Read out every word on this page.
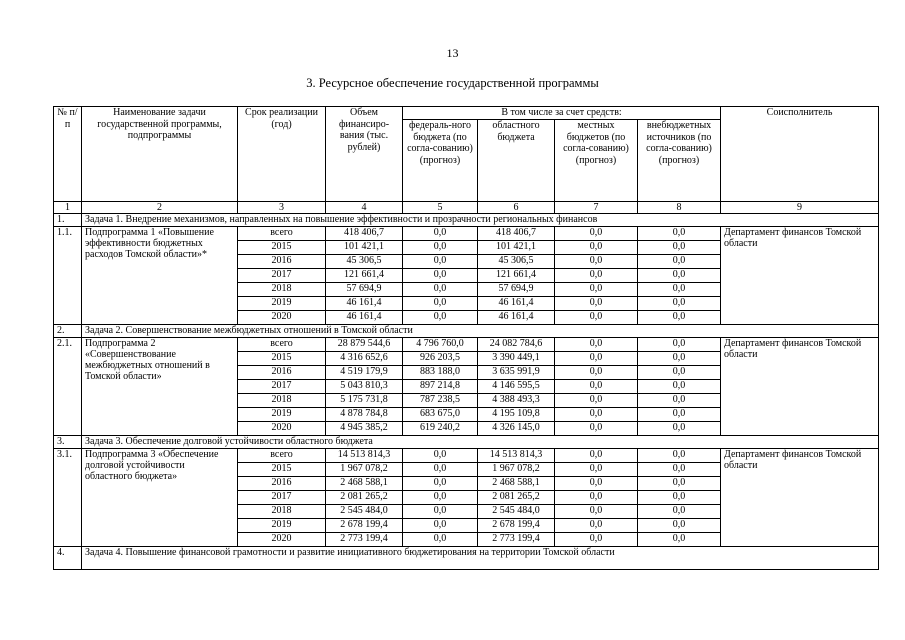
13
3. Ресурсное обеспечение государственной программы
№ п/п	Наименование задачи государственной программы, подпрограммы	Срок реализации (год)	Объем финансиро-вания (тыс. рублей)	В том числе за счет средств:				Соисполнитель
				федераль-ного бюджета (по согла-сованию) (прогноз)	областного бюджета	местных бюджетов (по согла-сованию) (прогноз)	внебюджетных источников (по согла-сованию) (прогноз)	
1	2	3	4	5	6	7	8	9
1.	Задача 1. Внедрение механизмов, направленных на повышение эффективности и прозрачности региональных финансов							
1.1.	Подпрограмма 1 «Повышение эффективности бюджетных расходов Томской области»*	всего	418 406,7	0,0	418 406,7	0,0	0,0	Департамент финансов Томской области
		2015	101 421,1	0,0	101 421,1	0,0	0,0	
		2016	45 306,5	0,0	45 306,5	0,0	0,0	
		2017	121 661,4	0,0	121 661,4	0,0	0,0	
		2018	57 694,9	0,0	57 694,9	0,0	0,0	
		2019	46 161,4	0,0	46 161,4	0,0	0,0	
		2020	46 161,4	0,0	46 161,4	0,0	0,0	
2.	Задача 2. Совершенствование межбюджетных отношений в Томской области							
2.1.	Подпрограмма 2 «Совершенствование межбюджетных отношений в Томской области»	всего	28 879 544,6	4 796 760,0	24 082 784,6	0,0	0,0	Департамент финансов Томской области
		2015	4 316 652,6	926 203,5	3 390 449,1	0,0	0,0	
		2016	4 519 179,9	883 188,0	3 635 991,9	0,0	0,0	
		2017	5 043 810,3	897 214,8	4 146 595,5	0,0	0,0	
		2018	5 175 731,8	787 238,5	4 388 493,3	0,0	0,0	
		2019	4 878 784,8	683 675,0	4 195 109,8	0,0	0,0	
		2020	4 945 385,2	619 240,2	4 326 145,0	0,0	0,0	
3.	Задача 3. Обеспечение долговой устойчивости областного бюджета							
3.1.	Подпрограмма 3 «Обеспечение долговой устойчивости областного бюджета»	всего	14 513 814,3	0,0	14 513 814,3	0,0	0,0	Департамент финансов Томской области
		2015	1 967 078,2	0,0	1 967 078,2	0,0	0,0	
		2016	2 468 588,1	0,0	2 468 588,1	0,0	0,0	
		2017	2 081 265,2	0,0	2 081 265,2	0,0	0,0	
		2018	2 545 484,0	0,0	2 545 484,0	0,0	0,0	
		2019	2 678 199,4	0,0	2 678 199,4	0,0	0,0	
		2020	2 773 199,4	0,0	2 773 199,4	0,0	0,0	
4.	Задача 4. Повышение финансовой грамотности и развитие инициативного бюджетирования на территории Томской области							
